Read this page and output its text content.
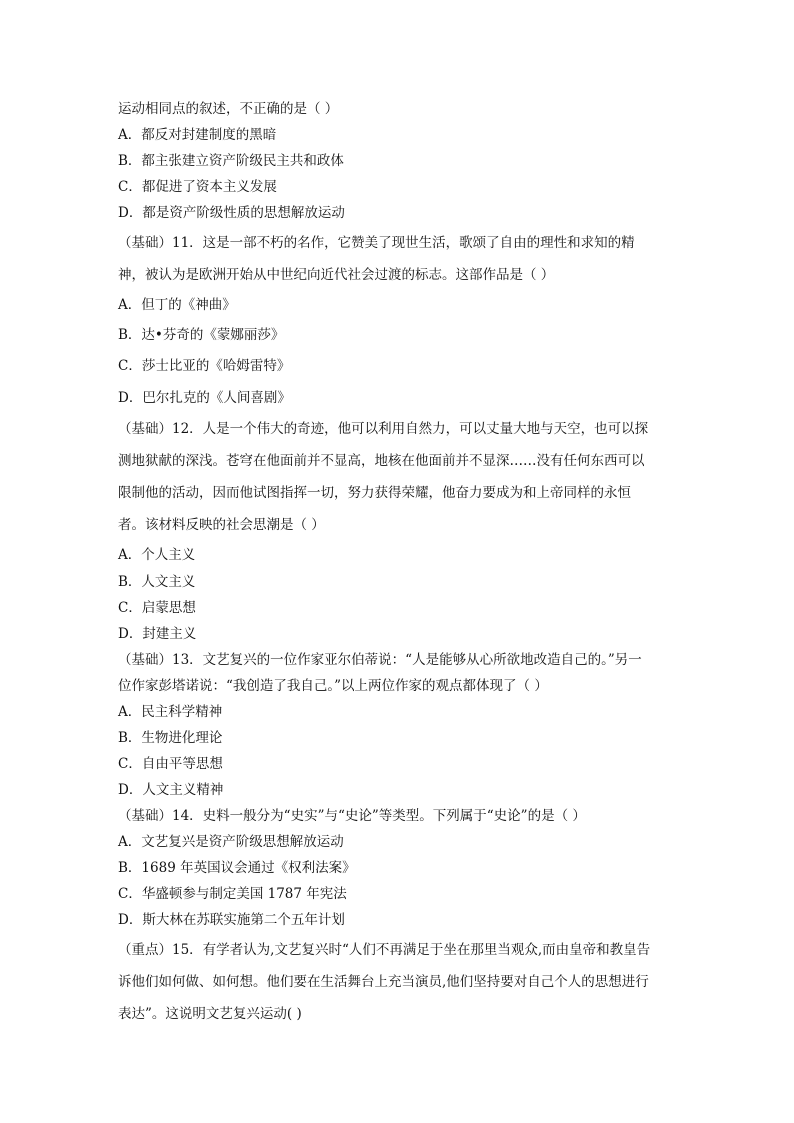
运动相同点的叙述，不正确的是（ ）
A．都反对封建制度的黑暗
B．都主张建立资产阶级民主共和政体
C．都促进了资本主义发展
D．都是资产阶级性质的思想解放运动
（基础）11．这是一部不朽的名作，它赞美了现世生活，歌颂了自由的理性和求知的精
神，被认为是欧洲开始从中世纪向近代社会过渡的标志。这部作品是（ ）
A．但丁的《神曲》
B．达•芬奇的《蒙娜丽莎》
C．莎士比亚的《哈姆雷特》
D．巴尔扎克的《人间喜剧》
（基础）12．人是一个伟大的奇迹，他可以利用自然力，可以丈量大地与天空，也可以探
测地狱献的深浅。苍穹在他面前并不显高，地核在他面前并不显深……没有任何东西可以
限制他的活动，因而他试图指挥一切，努力获得荣耀，他奋力要成为和上帝同样的永恒
者。该材料反映的社会思潮是（ ）
A．个人主义
B．人文主义
C．启蒙思想
D．封建主义
（基础）13．文艺复兴的一位作家亚尔伯蒂说：“人是能够从心所欲地改造自己的。”另一
位作家彭塔诺说：“我创造了我自己。”以上两位作家的观点都体现了（ ）
A．民主科学精神
B．生物进化理论
C．自由平等思想
D．人文主义精神
（基础）14．史料一般分为“史实”与“史论”等类型。下列属于“史论”的是（ ）
A．文艺复兴是资产阶级思想解放运动
B．1689 年英国议会通过《权利法案》
C．华盛顿参与制定美国 1787 年宪法
D．斯大林在苏联实施第二个五年计划
（重点）15．有学者认为,文艺复兴时“人们不再满足于坐在那里当观众,而由皇帝和教皇告
诉他们如何做、如何想。他们要在生活舞台上充当演员,他们坚持要对自己个人的思想进行
表达”。这说明文艺复兴运动( )
